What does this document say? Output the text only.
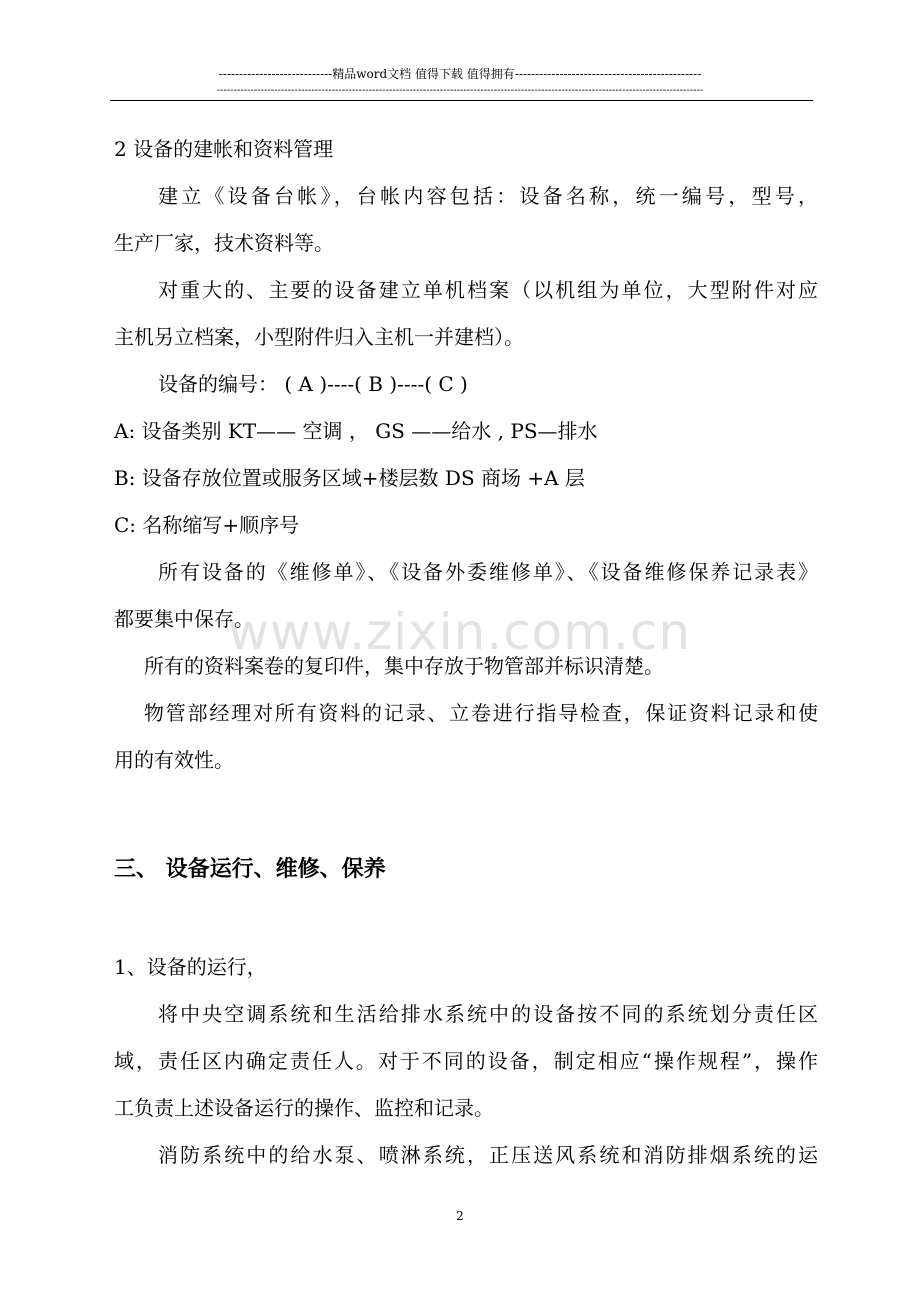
----------------------------精品word文档 值得下载 值得拥有----------------------------------------------
------------------------------------------------------------------------------------------------------------------------------------------------

2 设备的建帐和资料管理

建立《设备台帐》，台帐内容包括：设备名称，统一编号，型号，

生产厂家，技术资料等。

对重大的、主要的设备建立单机档案（以机组为单位，大型附件对应

主机另立档案，小型附件归入主机一并建档）。

设备的编号： ( A )----( B )----( C )

A: 设备类别 KT—— 空调 ， GS ——给水 , PS—排水

B: 设备存放位置或服务区域+楼层数 DS 商场 +A 层

C: 名称缩写+顺序号

所有设备的《维修单》、《设备外委维修单》、《设备维修保养记录表》

都要集中保存。

所有的资料案卷的复印件，集中存放于物管部并标识清楚。

物管部经理对所有资料的记录、立卷进行指导检查，保证资料记录和使

用的有效性。

三、 设备运行、维修、保养

1、设备的运行，

将中央空调系统和生活给排水系统中的设备按不同的系统划分责任区

域，责任区内确定责任人。对于不同的设备，制定相应“操作规程”，操作

工负责上述设备运行的操作、监控和记录。

消防系统中的给水泵、喷淋系统，正压送风系统和消防排烟系统的运

www.zixin.com.cn
2
